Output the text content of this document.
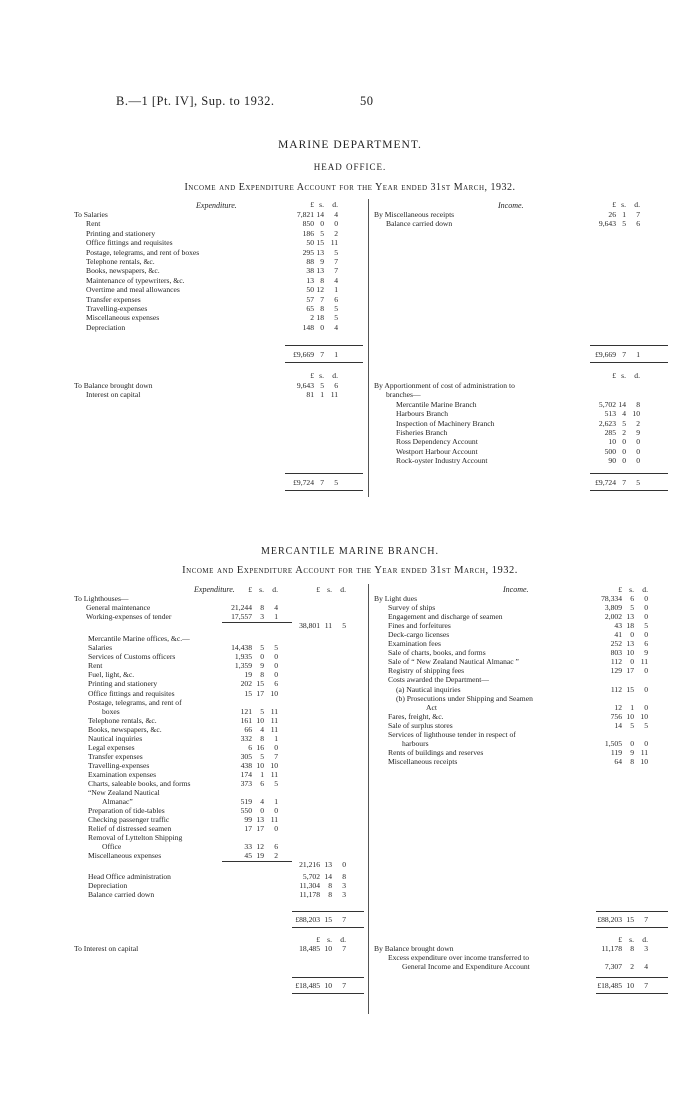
B.—1 [Pt. IV], Sup. to 1932.	50
MARINE DEPARTMENT.
HEAD OFFICE.
Income and Expenditure Account for the Year ended 31st March, 1932.
Expenditure.	Income.
£ s.	d.
To Salaries	7,821 14	4
Rent	850 0	0
Printing and stationery	186 5	2
Office fittings and requisites	50 15 11
Postage, telegrams, and rent of boxes	295 13	5
Telephone rentals, &c.	88 9	7
Books, newspapers, &c.	38 13	7
Maintenance of typewriters, &c.	13 8	4
Overtime and meal allowances	50 12	1
Transfer expenses	57 7	6
Travelling-expenses	65 8	5
Miscellaneous expenses	2 18	5
Depreciation	148 0	4
£9,669 7	1
£ s.	d.
To Balance brought down	9,643 5	6
Interest on capital	81 1 11
£9,724 7	5
£ s.	d.
By Miscellaneous receipts	26 1	7
Balance carried down	9,643 5	6
£9,669 7	1
£ s.	d.
By Apportionment of cost of administration to
branches—
Mercantile Marine Branch	5,702 14	8
Harbours Branch	513 4 10
Inspection of Machinery Branch	2,623 5	2
Fisheries Branch	285 2	9
Ross Dependency Account	10 0	0
Westport Harbour Account	500 0	0
Rock-oyster Industry Account	90 0	0
£9,724 7	5
MERCANTILE MARINE BRANCH.
Income and Expenditure Account for the Year ended 31st March, 1932.
Expenditure.	Income.
£ s.	d.	£ s.	d.
To Lighthouses—
General maintenance	21,244	8	4
Working-expenses of tender	17,557	3	1
38,801 11	5
Mercantile Marine offices, &c.—
Salaries	14,438	5	5
Services of Customs officers	1,935	0	0
Rent	1,359	9	0
Fuel, light, &c.	19	8	0
Printing and stationery	202 15	6
Office fittings and requisites	15 17 10
Postage, telegrams, and rent of
boxes	121	5 11
Telephone rentals, &c.	161 10 11
Books, newspapers, &c.	66	4 11
Nautical inquiries	332	8	1
Legal expenses	6 16	0
Transfer expenses	305	5	7
Travelling-expenses	438 10 10
Examination expenses	174	1 11
Charts, saleable books, and forms	373	6	5
“New Zealand Nautical
Almanac”	519	4	1
Preparation of tide-tables	550	0	0
Checking passenger traffic	99 13 11
Relief of distressed seamen	17 17	0
Removal of Lyttelton Shipping
Office	33 12	6
Miscellaneous expenses	45 19	2
21,216 13	0
Head Office administration	5,702 14	8
Depreciation	11,304	8	3
Balance carried down	11,178	8	3
£88,203 15	7
£ s.	d.
To Interest on capital	18,485 10	7
£18,485 10	7
£ s.	d.
By Light dues	78,334	6	0
Survey of ships	3,809	5	0
Engagement and discharge of seamen	2,002 13	0
Fines and forfeitures	43 18	5
Deck-cargo licenses	41	0	0
Examination fees	252 13	6
Sale of charts, books, and forms	803 10	9
Sale of “ New Zealand Nautical Almanac ”	112	0 11
Registry of shipping fees	129 17	0
Costs awarded the Department—
(a) Nautical inquiries	112 15	0
(b) Prosecutions under Shipping and Seamen
Act	12	1	0
Fares, freight, &c.	756 10 10
Sale of surplus stores	14	5	5
Services of lighthouse tender in respect of
harbours	1,505	0	0
Rents of buildings and reserves	119	9 11
Miscellaneous receipts	64	8 10
£88,203 15	7
£ s.	d.
By Balance brought down	11,178	8	3
Excess expenditure over income transferred to
General Income and Expenditure Account	7,307	2	4
£18,485 10	7
